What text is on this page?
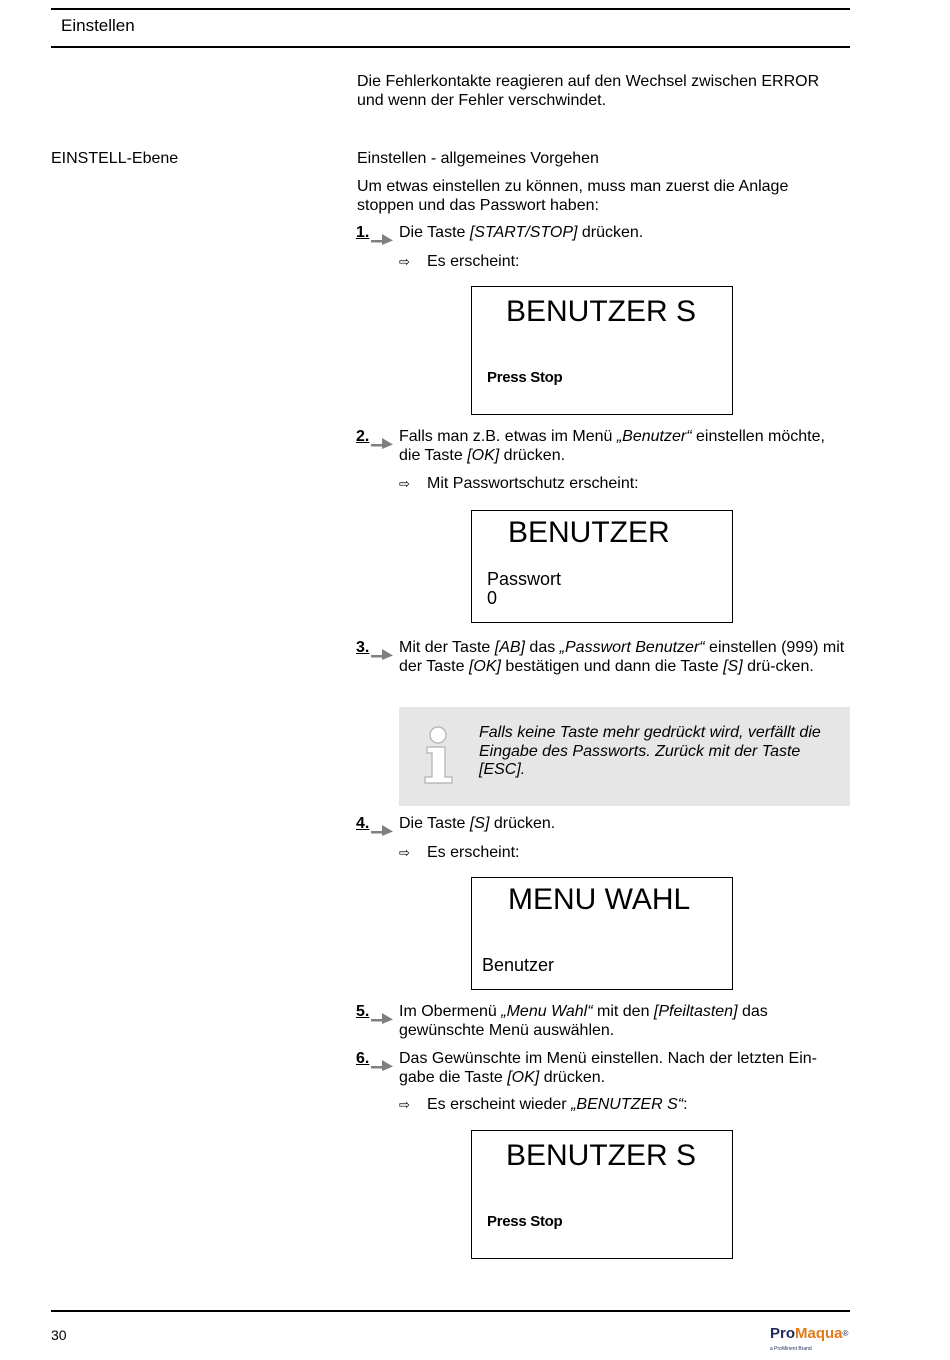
Einstellen
Die Fehlerkontakte reagieren auf den Wechsel zwischen ERROR und wenn der Fehler verschwindet.
EINSTELL-Ebene	Einstellen - allgemeines Vorgehen
Um etwas einstellen zu können, muss man zuerst die Anlage stoppen und das Passwort haben:
1. Die Taste [START/STOP] drücken.
⇨ Es erscheint:
BENUTZER S
Press Stop
2. Falls man z.B. etwas im Menü „Benutzer“ einstellen möchte, die Taste [OK] drücken.
⇨ Mit Passwortschutz erscheint:
BENUTZER
Passwort
0
3. Mit der Taste [AB] das „Passwort Benutzer“ einstellen (999) mit der Taste [OK] bestätigen und dann die Taste [S] drü-cken.
Falls keine Taste mehr gedrückt wird, verfällt die Eingabe des Passworts. Zurück mit der Taste [ESC].
4. Die Taste [S] drücken.
⇨ Es erscheint:
MENU WAHL
Benutzer
5. Im Obermenü „Menu Wahl“ mit den [Pfeiltasten] das gewünschte Menü auswählen.
6. Das Gewünschte im Menü einstellen. Nach der letzten Ein-gabe die Taste [OK] drücken.
⇨ Es erscheint wieder „BENUTZER S“:
BENUTZER S
Press Stop
30	ProMaqua®
a ProMinent Brand
